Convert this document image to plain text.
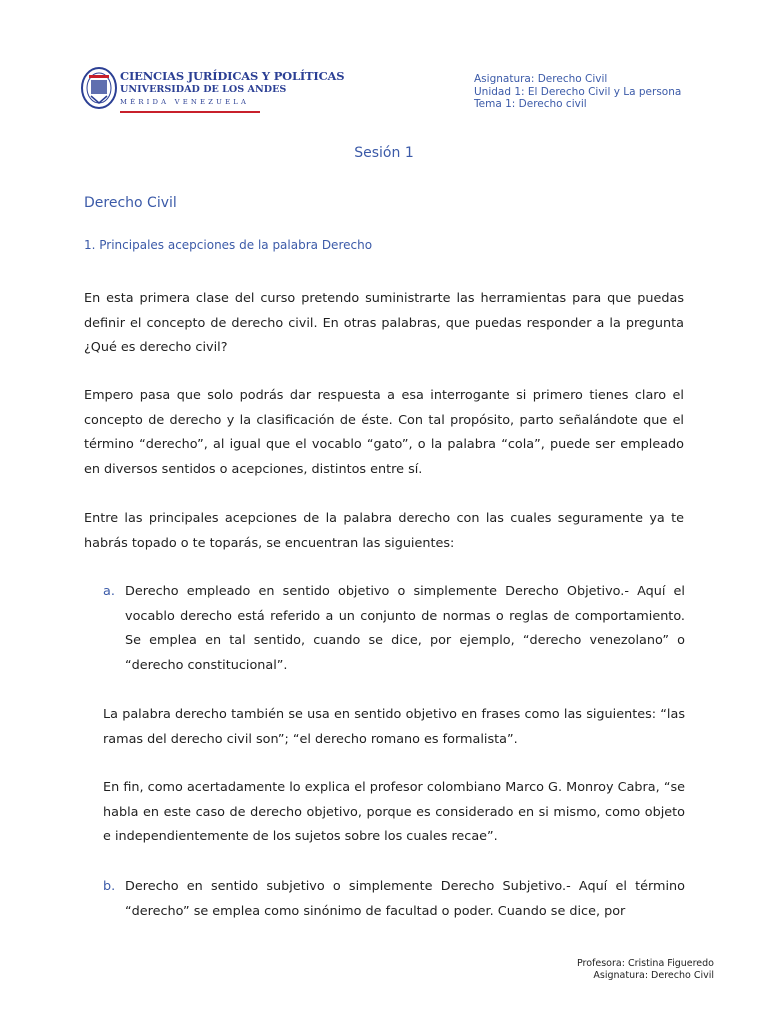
CIENCIAS JURÍDICAS Y POLÍTICAS
UNIVERSIDAD DE LOS ANDES
MÉRIDA VENEZUELA
Asignatura: Derecho Civil
Unidad 1: El Derecho Civil y La persona
Tema 1: Derecho civil
Sesión 1
Derecho Civil
1. Principales acepciones de la palabra Derecho
En esta primera clase del curso pretendo suministrarte las herramientas para que puedas definir el concepto de derecho civil. En otras palabras, que puedas responder a la pregunta ¿Qué es derecho civil?
Empero pasa que solo podrás dar respuesta a esa interrogante si primero tienes claro el concepto de derecho y la clasificación de éste. Con tal propósito, parto señalándote que el término “derecho”, al igual que el vocablo “gato”, o la palabra “cola”, puede ser empleado en diversos sentidos o acepciones, distintos entre sí.
Entre las principales acepciones de la palabra derecho con las cuales seguramente ya te habrás topado o te toparás, se encuentran las siguientes:
a. Derecho empleado en sentido objetivo o simplemente Derecho Objetivo.- Aquí el vocablo derecho está referido a un conjunto de normas o reglas de comportamiento. Se emplea en tal sentido, cuando se dice, por ejemplo, “derecho venezolano” o “derecho constitucional”.
La palabra derecho también se usa en sentido objetivo en frases como las siguientes: “las ramas del derecho civil son”; “el derecho romano es formalista”.
En fin, como acertadamente lo explica el profesor colombiano Marco G. Monroy Cabra, “se habla en este caso de derecho objetivo, porque es considerado en si mismo, como objeto e independientemente de los sujetos sobre los cuales recae”.
b. Derecho en sentido subjetivo o simplemente Derecho Subjetivo.- Aquí el término “derecho” se emplea como sinónimo de facultad o poder. Cuando se dice, por
Profesora: Cristina Figueredo
Asignatura: Derecho Civil
